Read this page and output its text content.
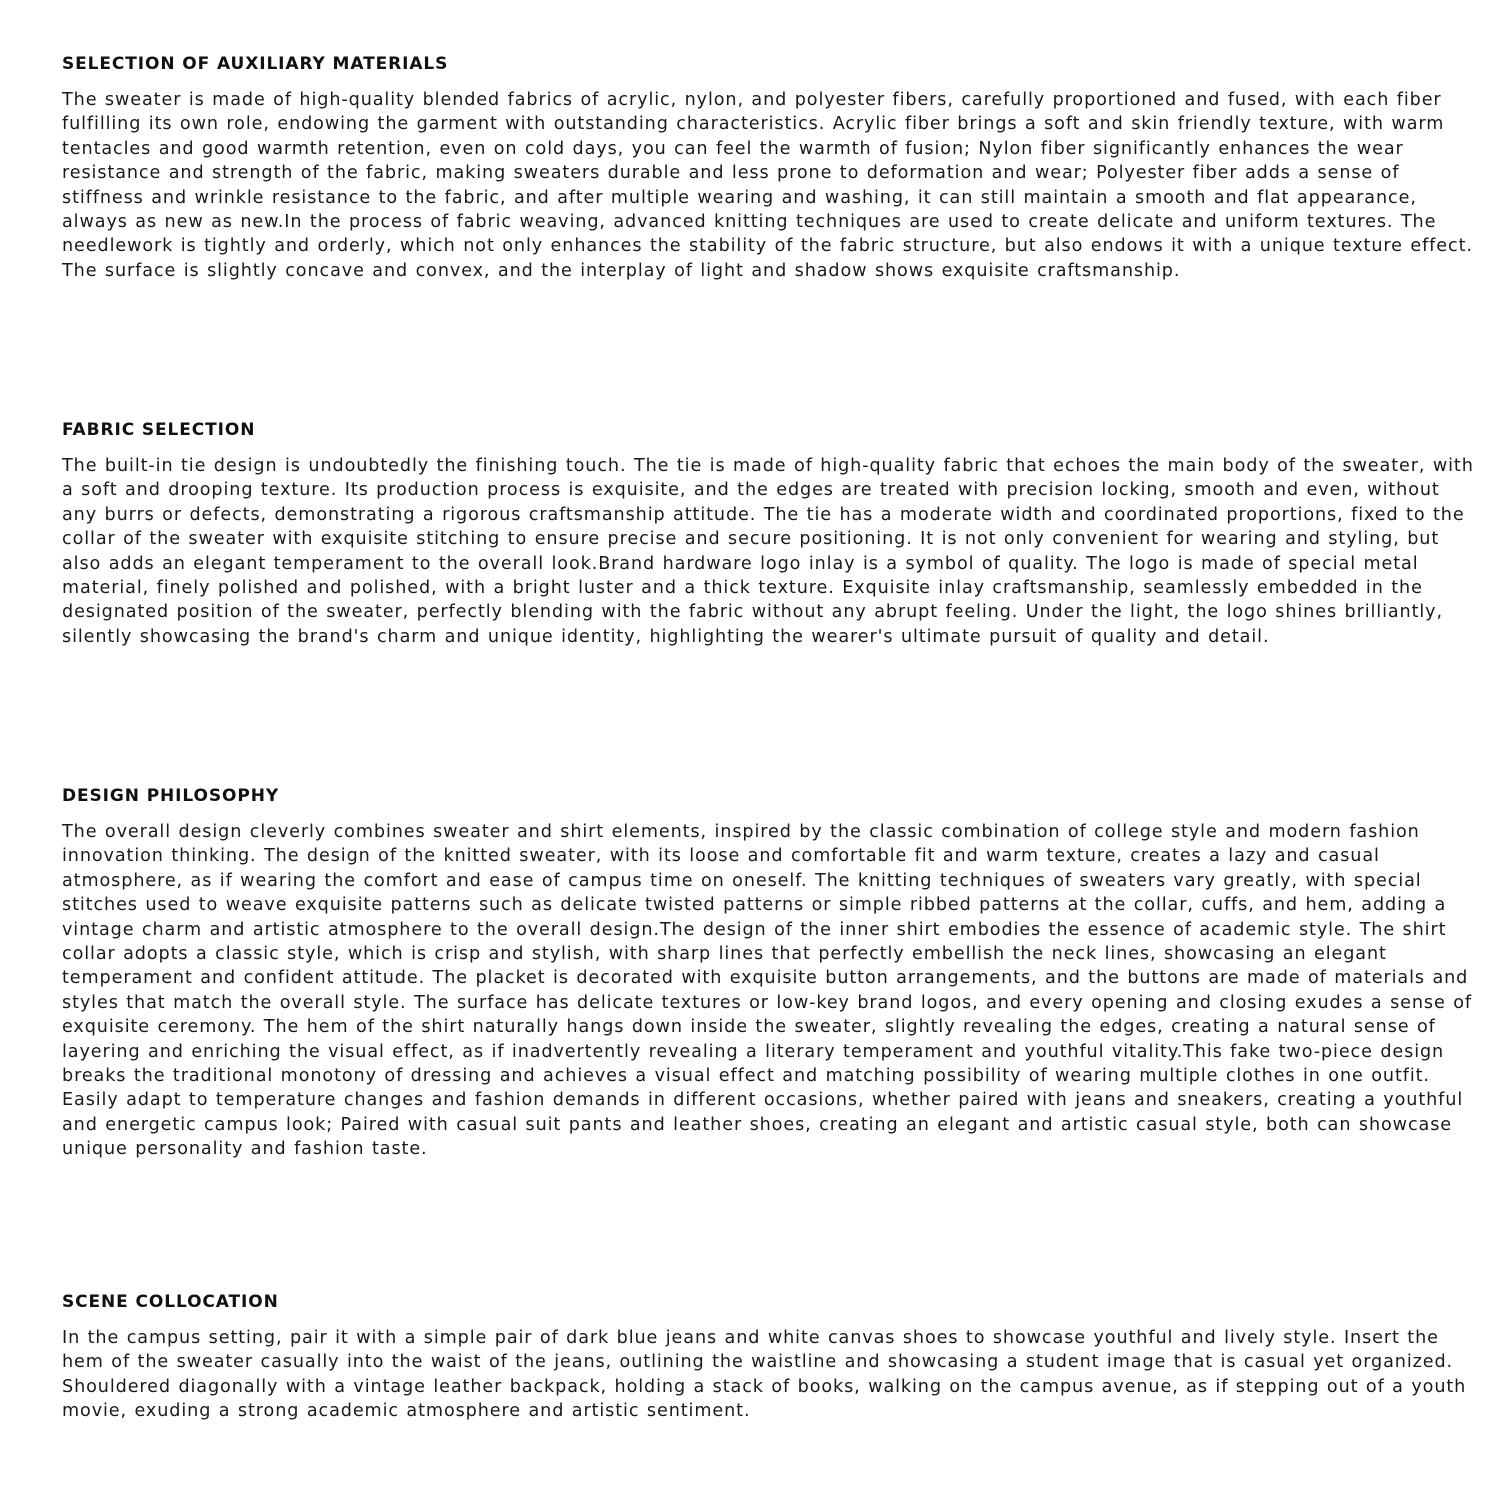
SELECTION OF AUXILIARY MATERIALS

The sweater is made of high-quality blended fabrics of acrylic, nylon, and polyester fibers, carefully proportioned and fused, with each fiber fulfilling its own role, endowing the garment with outstanding characteristics. Acrylic fiber brings a soft and skin friendly texture, with warm tentacles and good warmth retention, even on cold days, you can feel the warmth of fusion; Nylon fiber significantly enhances the wear resistance and strength of the fabric, making sweaters durable and less prone to deformation and wear; Polyester fiber adds a sense of stiffness and wrinkle resistance to the fabric, and after multiple wearing and washing, it can still maintain a smooth and flat appearance, always as new as new.In the process of fabric weaving, advanced knitting techniques are used to create delicate and uniform textures. The needlework is tightly and orderly, which not only enhances the stability of the fabric structure, but also endows it with a unique texture effect. The surface is slightly concave and convex, and the interplay of light and shadow shows exquisite craftsmanship.

FABRIC SELECTION

The built-in tie design is undoubtedly the finishing touch. The tie is made of high-quality fabric that echoes the main body of the sweater, with a soft and drooping texture. Its production process is exquisite, and the edges are treated with precision locking, smooth and even, without any burrs or defects, demonstrating a rigorous craftsmanship attitude. The tie has a moderate width and coordinated proportions, fixed to the collar of the sweater with exquisite stitching to ensure precise and secure positioning. It is not only convenient for wearing and styling, but also adds an elegant temperament to the overall look.Brand hardware logo inlay is a symbol of quality. The logo is made of special metal material, finely polished and polished, with a bright luster and a thick texture. Exquisite inlay craftsmanship, seamlessly embedded in the designated position of the sweater, perfectly blending with the fabric without any abrupt feeling. Under the light, the logo shines brilliantly, silently showcasing the brand's charm and unique identity, highlighting the wearer's ultimate pursuit of quality and detail.

DESIGN PHILOSOPHY

The overall design cleverly combines sweater and shirt elements, inspired by the classic combination of college style and modern fashion innovation thinking. The design of the knitted sweater, with its loose and comfortable fit and warm texture, creates a lazy and casual atmosphere, as if wearing the comfort and ease of campus time on oneself. The knitting techniques of sweaters vary greatly, with special stitches used to weave exquisite patterns such as delicate twisted patterns or simple ribbed patterns at the collar, cuffs, and hem, adding a vintage charm and artistic atmosphere to the overall design.The design of the inner shirt embodies the essence of academic style. The shirt collar adopts a classic style, which is crisp and stylish, with sharp lines that perfectly embellish the neck lines, showcasing an elegant temperament and confident attitude. The placket is decorated with exquisite button arrangements, and the buttons are made of materials and styles that match the overall style. The surface has delicate textures or low-key brand logos, and every opening and closing exudes a sense of exquisite ceremony. The hem of the shirt naturally hangs down inside the sweater, slightly revealing the edges, creating a natural sense of layering and enriching the visual effect, as if inadvertently revealing a literary temperament and youthful vitality.This fake two-piece design breaks the traditional monotony of dressing and achieves a visual effect and matching possibility of wearing multiple clothes in one outfit. Easily adapt to temperature changes and fashion demands in different occasions, whether paired with jeans and sneakers, creating a youthful and energetic campus look; Paired with casual suit pants and leather shoes, creating an elegant and artistic casual style, both can showcase unique personality and fashion taste.

SCENE COLLOCATION

In the campus setting, pair it with a simple pair of dark blue jeans and white canvas shoes to showcase youthful and lively style. Insert the hem of the sweater casually into the waist of the jeans, outlining the waistline and showcasing a student image that is casual yet organized. Shouldered diagonally with a vintage leather backpack, holding a stack of books, walking on the campus avenue, as if stepping out of a youth movie, exuding a strong academic atmosphere and artistic sentiment.
